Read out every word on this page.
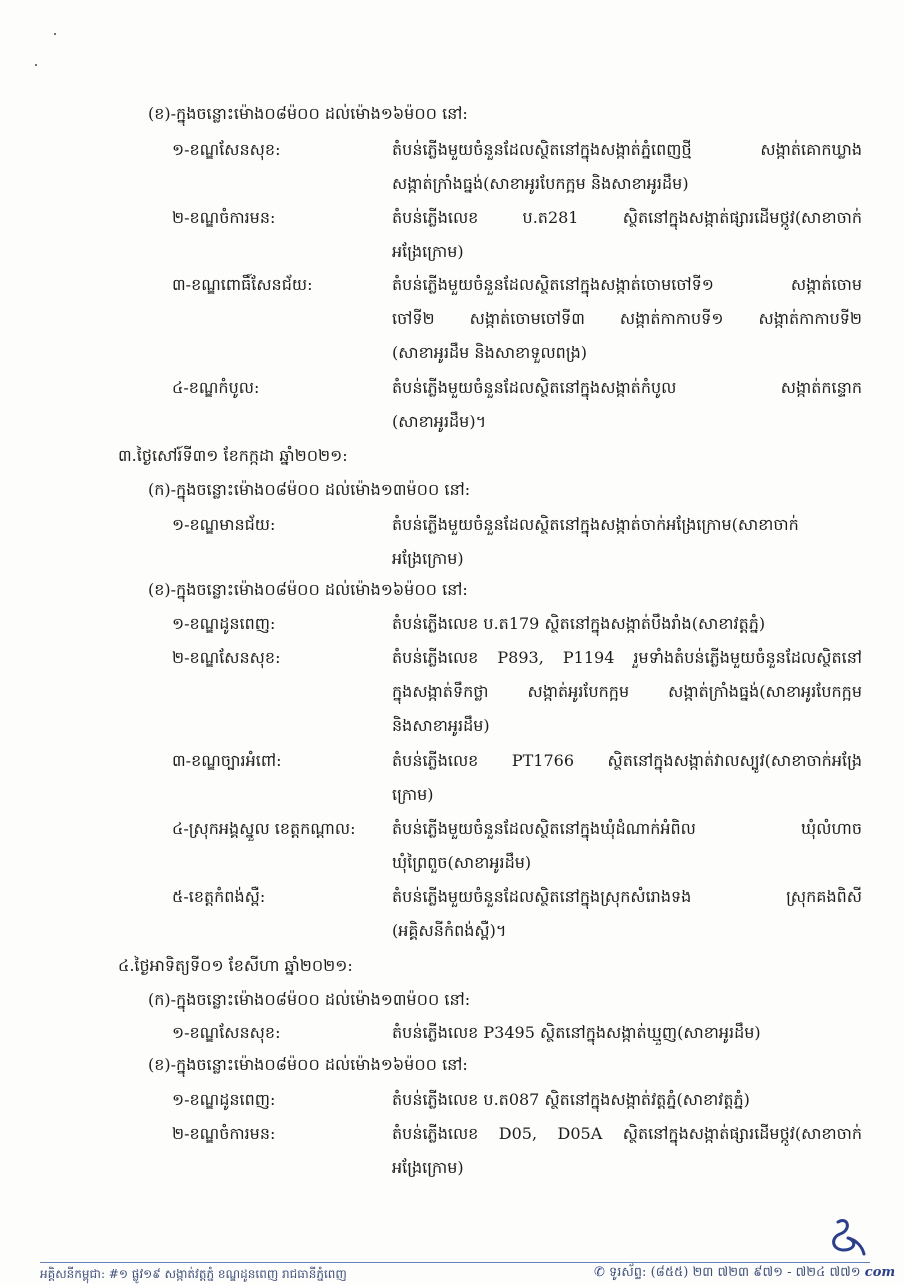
(ខ)-ក្នុងចន្លោះម៉ោង០៨ម៉០០ ដល់ម៉ោង១៦ម៉០០ នៅ:
១-ខណ្ឌសែនសុខ:	តំបន់ភ្លើងមួយចំនួនដែលស្ថិតនៅក្នុងសង្កាត់ភ្នំពេញថ្មី សង្កាត់គោកឃ្លាង
សង្កាត់ក្រាំងធ្នង់(សាខាអូរបែកក្អម និងសាខាអូរដឹម)
២-ខណ្ឌចំការមន:	តំបន់ភ្លើងលេខ ប.ត281 ស្ថិតនៅក្នុងសង្កាត់ផ្សារដើមថ្កូវ(សាខាចាក់
អង្រែក្រោម)
៣-ខណ្ឌពោធិ៍សែនជ័យ:	តំបន់ភ្លើងមួយចំនួនដែលស្ថិតនៅក្នុងសង្កាត់ចោមចៅទី១ សង្កាត់ចោម
ចៅទី២ សង្កាត់ចោមចៅទី៣ សង្កាត់កាកាបទី១ សង្កាត់កាកាបទី២
(សាខាអូរដឹម និងសាខាទួលពង្រ)
៤-ខណ្ឌកំបូល:	តំបន់ភ្លើងមួយចំនួនដែលស្ថិតនៅក្នុងសង្កាត់កំបូល សង្កាត់កន្ទោក
(សាខាអូរដឹម)។
៣.ថ្ងៃសៅរ៍ទី៣១ ខែកក្កដា ឆ្នាំ២០២១:
(ក)-ក្នុងចន្លោះម៉ោង០៨ម៉០០ ដល់ម៉ោង១៣ម៉០០ នៅ:
១-ខណ្ឌមានជ័យ:	តំបន់ភ្លើងមួយចំនួនដែលស្ថិតនៅក្នុងសង្កាត់ចាក់អង្រែក្រោម(សាខាចាក់
អង្រែក្រោម)
(ខ)-ក្នុងចន្លោះម៉ោង០៨ម៉០០ ដល់ម៉ោង១៦ម៉០០ នៅ:
១-ខណ្ឌដូនពេញ:	តំបន់ភ្លើងលេខ ប.ត179 ស្ថិតនៅក្នុងសង្កាត់បឹងរាំង(សាខាវត្តភ្នំ)
២-ខណ្ឌសែនសុខ:	តំបន់ភ្លើងលេខ P893, P1194 រួមទាំងតំបន់ភ្លើងមួយចំនួនដែលស្ថិតនៅ
ក្នុងសង្កាត់ទឹកថ្លា សង្កាត់អូរបែកក្អម សង្កាត់ក្រាំងធ្នង់(សាខាអូរបែកក្អម
និងសាខាអូរដឹម)
៣-ខណ្ឌច្បារអំពៅ:	តំបន់ភ្លើងលេខ PT1766 ស្ថិតនៅក្នុងសង្កាត់វាលស្បូវ(សាខាចាក់អង្រែ
ក្រោម)
៤-ស្រុកអង្គស្នួល ខេត្តកណ្ដាល:	តំបន់ភ្លើងមួយចំនួនដែលស្ថិតនៅក្នុងឃុំដំណាក់អំពិល ឃុំលំហាច
ឃុំព្រៃពួច(សាខាអូរដឹម)
៥-ខេត្តកំពង់ស្ពឺ:	តំបន់ភ្លើងមួយចំនួនដែលស្ថិតនៅក្នុងស្រុកសំរោងទង ស្រុកគងពិសី
(អគ្គិសនីកំពង់ស្ពឺ)។
៤.ថ្ងៃអាទិត្យទី០១ ខែសីហា ឆ្នាំ២០២១:
(ក)-ក្នុងចន្លោះម៉ោង០៨ម៉០០ ដល់ម៉ោង១៣ម៉០០ នៅ:
១-ខណ្ឌសែនសុខ:	តំបន់ភ្លើងលេខ P3495 ស្ថិតនៅក្នុងសង្កាត់ឃ្មួញ(សាខាអូរដឹម)
(ខ)-ក្នុងចន្លោះម៉ោង០៨ម៉០០ ដល់ម៉ោង១៦ម៉០០ នៅ:
១-ខណ្ឌដូនពេញ:	តំបន់ភ្លើងលេខ ប.ត087 ស្ថិតនៅក្នុងសង្កាត់វត្តភ្នំ(សាខាវត្តភ្នំ)
២-ខណ្ឌចំការមន:	តំបន់ភ្លើងលេខ D05, D05A ស្ថិតនៅក្នុងសង្កាត់ផ្សារដើមថ្កូវ(សាខាចាក់
អង្រែក្រោម)
អគ្គិសនីកម្ពុជា: #១ ផ្លូវ១៩ សង្កាត់វត្តភ្នំ ខណ្ឌដូនពេញ រាជធានីភ្នំពេញ	✆ ទូរស័ព្ទ: (៨៥៥) ២៣ ៧២៣ ៩៧១ - ៧២៤ ៧៧១ com
